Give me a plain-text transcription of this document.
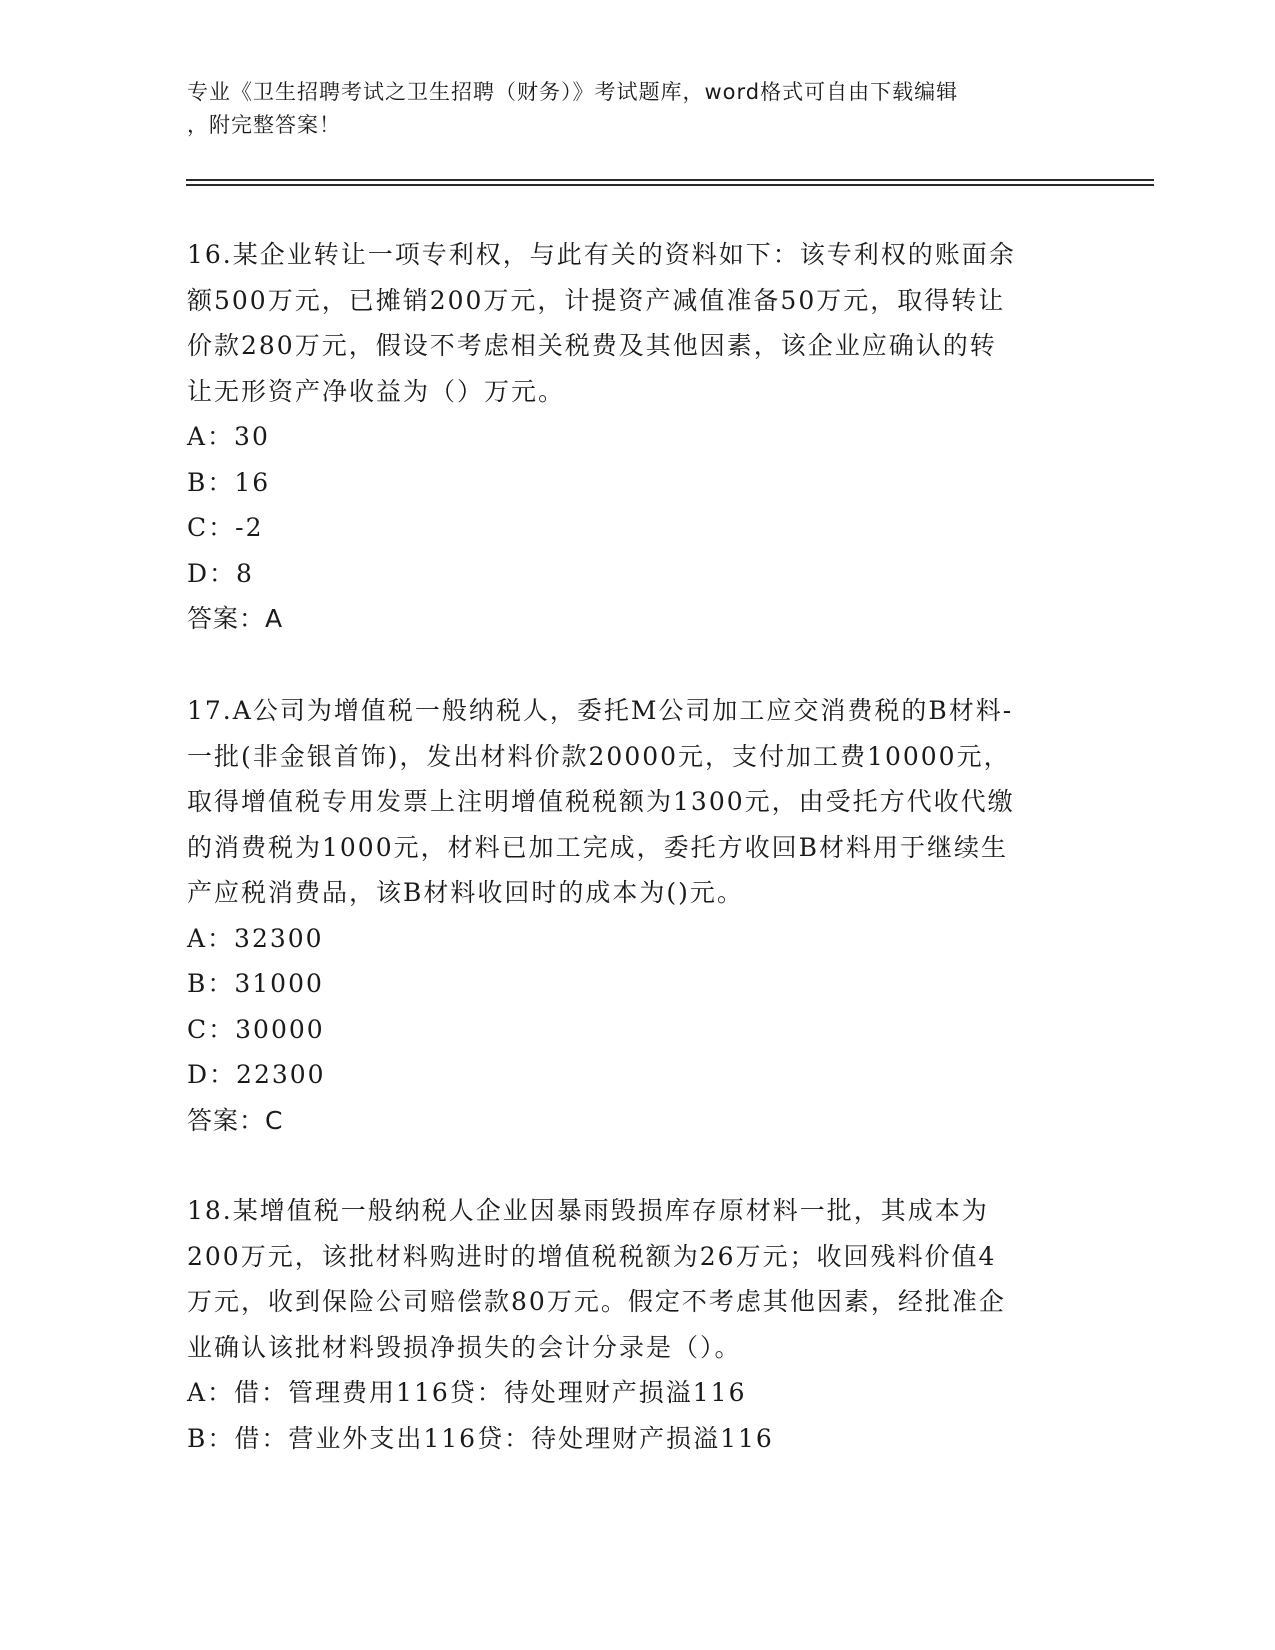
专业《卫生招聘考试之卫生招聘（财务）》考试题库，word格式可自由下载编辑
，附完整答案！

16.某企业转让一项专利权，与此有关的资料如下：该专利权的账面余

额500万元，已摊销200万元，计提资产减值准备50万元，取得转让

价款280万元，假设不考虑相关税费及其他因素，该企业应确认的转

让无形资产净收益为（）万元。

A：30

B：16

C：-2

D：8

答案：A

17.A公司为增值税一般纳税人，委托M公司加工应交消费税的B材料-

一批(非金银首饰)，发出材料价款20000元，支付加工费10000元，

取得增值税专用发票上注明增值税税额为1300元，由受托方代收代缴

的消费税为1000元，材料已加工完成，委托方收回B材料用于继续生

产应税消费品，该B材料收回时的成本为()元。

A：32300

B：31000

C：30000

D：22300

答案：C

18.某增值税一般纳税人企业因暴雨毁损库存原材料一批，其成本为

200万元，该批材料购进时的增值税税额为26万元；收回残料价值4

万元，收到保险公司赔偿款80万元。假定不考虑其他因素，经批准企

业确认该批材料毁损净损失的会计分录是（）。

A：借：管理费用116贷：待处理财产损溢116

B：借：营业外支出116贷：待处理财产损溢116
